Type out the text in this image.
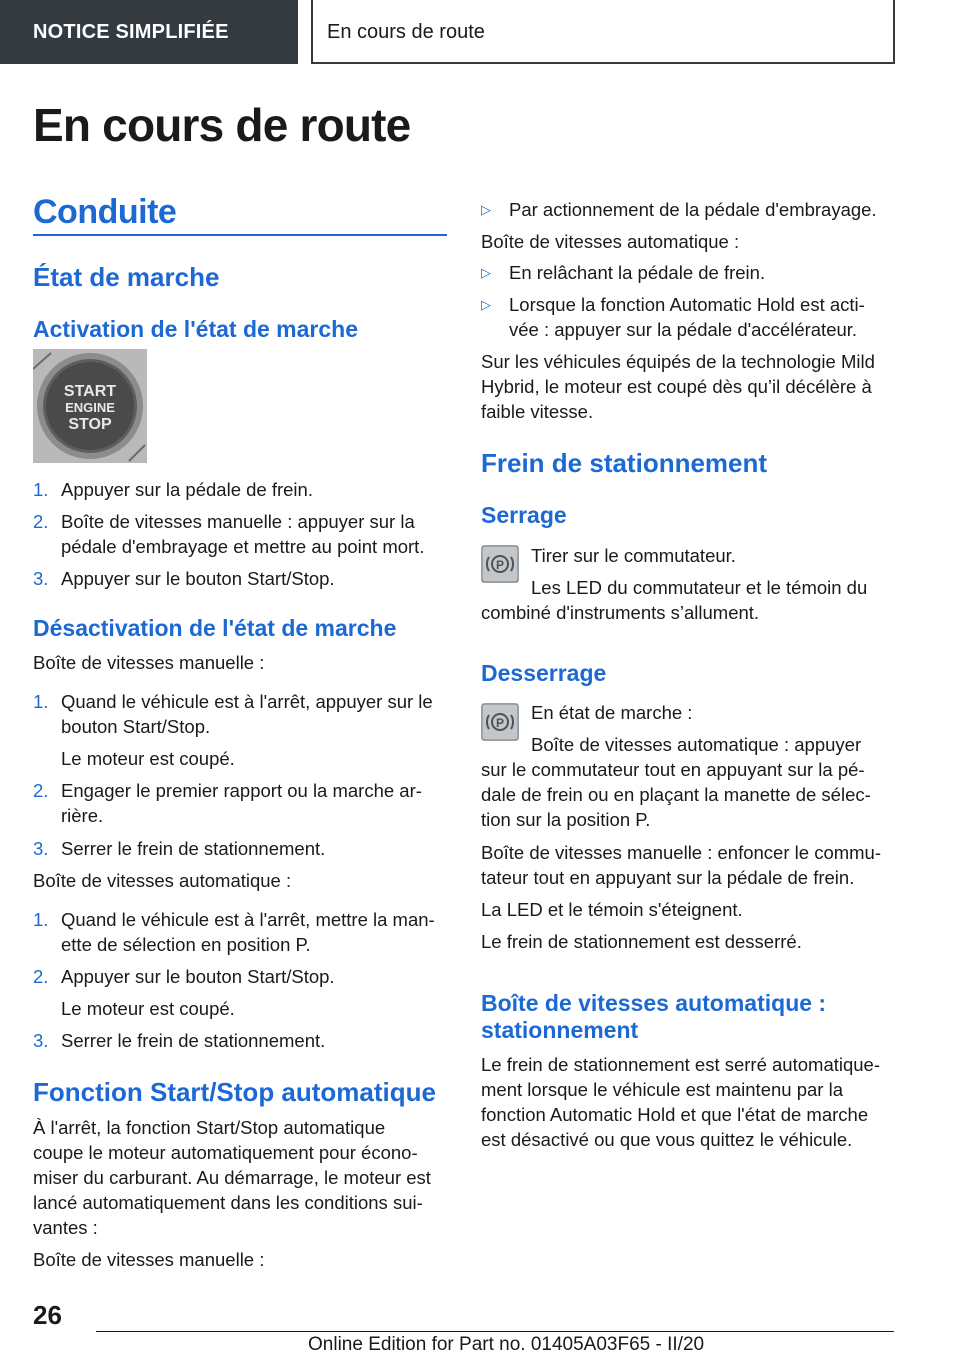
NOTICE SIMPLIFIÉE	En cours de route
En cours de route
Conduite
État de marche
Activation de l'état de marche
START
ENGINE
STOP
1. Appuyer sur la pédale de frein.
2. Boîte de vitesses manuelle : appuyer sur la
pédale d'embrayage et mettre au point mort.
3. Appuyer sur le bouton Start/Stop.
Désactivation de l'état de marche
Boîte de vitesses manuelle :
1. Quand le véhicule est à l'arrêt, appuyer sur le
bouton Start/Stop.
Le moteur est coupé.
2. Engager le premier rapport ou la marche ar‐
rière.
3. Serrer le frein de stationnement.
Boîte de vitesses automatique :
1. Quand le véhicule est à l'arrêt, mettre la man‐
ette de sélection en position P.
2. Appuyer sur le bouton Start/Stop.
Le moteur est coupé.
3. Serrer le frein de stationnement.
Fonction Start/Stop automatique
À l'arrêt, la fonction Start/Stop automatique
coupe le moteur automatiquement pour écono‐
miser du carburant. Au démarrage, le moteur est
lancé automatiquement dans les conditions sui‐
vantes :
Boîte de vitesses manuelle :
▷ Par actionnement de la pédale d'embrayage.
Boîte de vitesses automatique :
▷ En relâchant la pédale de frein.
▷ Lorsque la fonction Automatic Hold est acti‐
vée : appuyer sur la pédale d'accélérateur.
Sur les véhicules équipés de la technologie Mild
Hybrid, le moteur est coupé dès qu’il décélère à
faible vitesse.
Frein de stationnement
Serrage
P Tirer sur le commutateur.
Les LED du commutateur et le témoin du
combiné d'instruments s’allument.
Desserrage
P En état de marche :
Boîte de vitesses automatique : appuyer
sur le commutateur tout en appuyant sur la pé‐
dale de frein ou en plaçant la manette de sélec‐
tion sur la position P.
Boîte de vitesses manuelle : enfoncer le commu‐
tateur tout en appuyant sur la pédale de frein.
La LED et le témoin s'éteignent.
Le frein de stationnement est desserré.
Boîte de vitesses automatique :
stationnement
Le frein de stationnement est serré automatique‐
ment lorsque le véhicule est maintenu par la
fonction Automatic Hold et que l'état de marche
est désactivé ou que vous quittez le véhicule.
26
Online Edition for Part no. 01405A03F65 - II/20
